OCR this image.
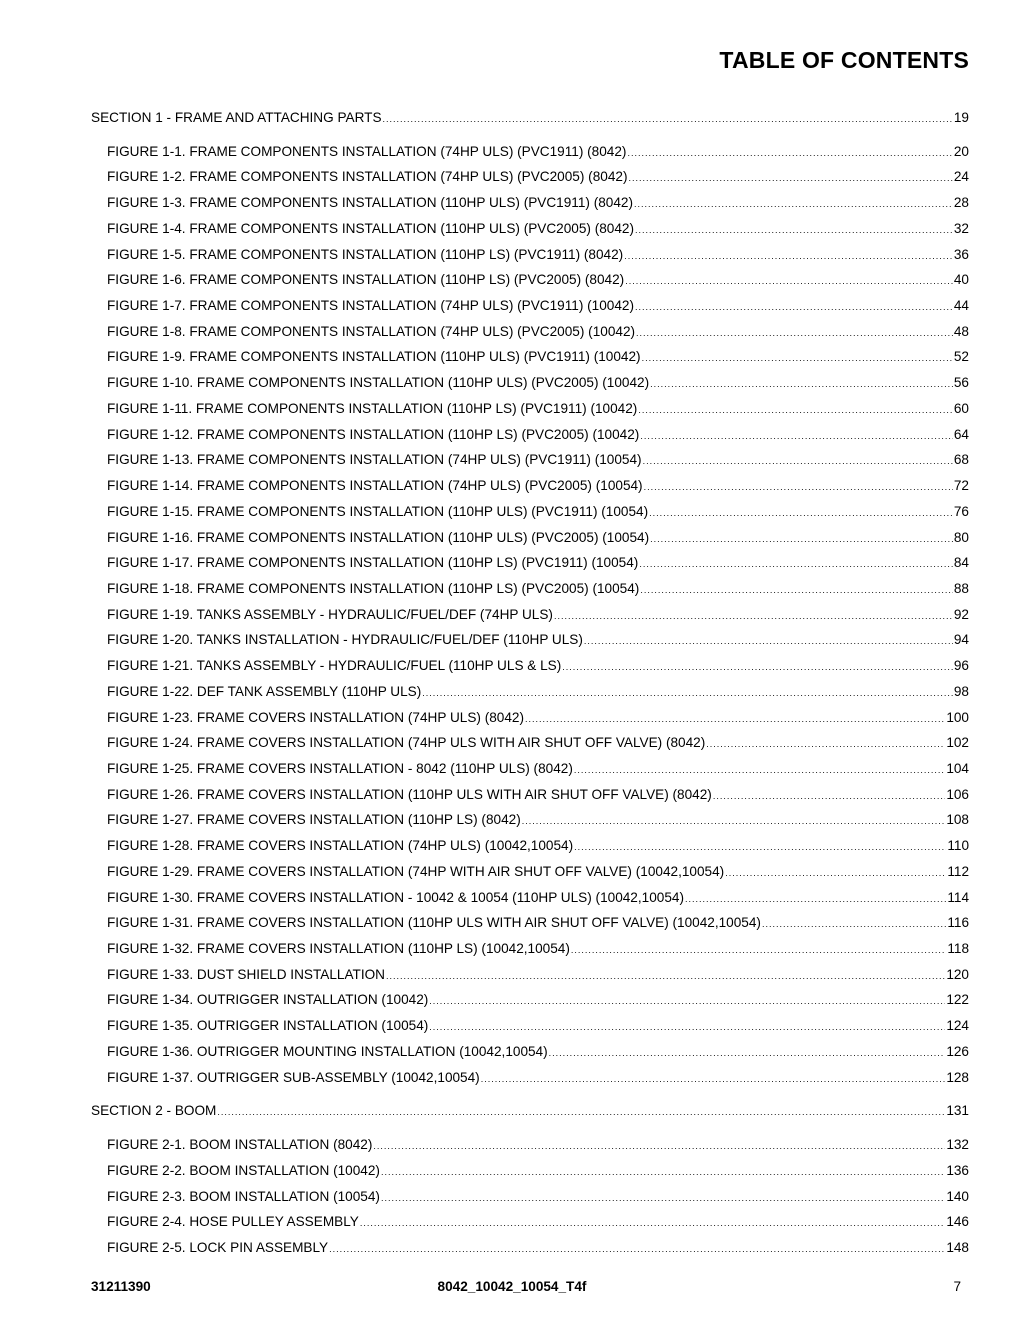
TABLE OF CONTENTS
SECTION 1 - FRAME AND ATTACHING PARTS .....	19
FIGURE 1-1. FRAME COMPONENTS INSTALLATION (74HP ULS) (PVC1911) (8042) .....	20
FIGURE 1-2. FRAME COMPONENTS INSTALLATION (74HP ULS) (PVC2005) (8042) .....	24
FIGURE 1-3. FRAME COMPONENTS INSTALLATION (110HP ULS) (PVC1911) (8042) .....	28
FIGURE 1-4. FRAME COMPONENTS INSTALLATION (110HP ULS) (PVC2005) (8042) .....	32
FIGURE 1-5. FRAME COMPONENTS INSTALLATION (110HP LS) (PVC1911) (8042) .....	36
FIGURE 1-6. FRAME COMPONENTS INSTALLATION (110HP LS) (PVC2005) (8042) .....	40
FIGURE 1-7. FRAME COMPONENTS INSTALLATION (74HP ULS) (PVC1911) (10042) .....	44
FIGURE 1-8. FRAME COMPONENTS INSTALLATION (74HP ULS) (PVC2005) (10042) .....	48
FIGURE 1-9. FRAME COMPONENTS INSTALLATION (110HP ULS) (PVC1911) (10042) .....	52
FIGURE 1-10. FRAME COMPONENTS INSTALLATION (110HP ULS) (PVC2005) (10042) .....	56
FIGURE 1-11. FRAME COMPONENTS INSTALLATION (110HP LS) (PVC1911) (10042) .....	60
FIGURE 1-12. FRAME COMPONENTS INSTALLATION (110HP LS) (PVC2005) (10042) .....	64
FIGURE 1-13. FRAME COMPONENTS INSTALLATION (74HP ULS) (PVC1911) (10054) .....	68
FIGURE 1-14. FRAME COMPONENTS INSTALLATION (74HP ULS) (PVC2005) (10054) .....	72
FIGURE 1-15. FRAME COMPONENTS INSTALLATION (110HP ULS) (PVC1911) (10054) .....	76
FIGURE 1-16. FRAME COMPONENTS INSTALLATION (110HP ULS) (PVC2005) (10054) .....	80
FIGURE 1-17. FRAME COMPONENTS INSTALLATION (110HP LS) (PVC1911) (10054) .....	84
FIGURE 1-18. FRAME COMPONENTS INSTALLATION (110HP LS) (PVC2005) (10054) .....	88
FIGURE 1-19. TANKS ASSEMBLY - HYDRAULIC/FUEL/DEF (74HP ULS) .....	92
FIGURE 1-20. TANKS INSTALLATION - HYDRAULIC/FUEL/DEF (110HP ULS) .....	94
FIGURE 1-21. TANKS ASSEMBLY - HYDRAULIC/FUEL (110HP ULS & LS) .....	96
FIGURE 1-22. DEF TANK ASSEMBLY (110HP ULS) .....	98
FIGURE 1-23. FRAME COVERS INSTALLATION (74HP ULS) (8042) .....	100
FIGURE 1-24. FRAME COVERS INSTALLATION (74HP ULS WITH AIR SHUT OFF VALVE) (8042) .....	102
FIGURE 1-25. FRAME COVERS INSTALLATION - 8042 (110HP ULS) (8042) .....	104
FIGURE 1-26. FRAME COVERS INSTALLATION (110HP ULS WITH AIR SHUT OFF VALVE) (8042) .....	106
FIGURE 1-27. FRAME COVERS INSTALLATION (110HP LS) (8042) .....	108
FIGURE 1-28. FRAME COVERS INSTALLATION (74HP ULS) (10042,10054) .....	110
FIGURE 1-29. FRAME COVERS INSTALLATION (74HP WITH AIR SHUT OFF VALVE) (10042,10054) .....	112
FIGURE 1-30. FRAME COVERS INSTALLATION - 10042 & 10054 (110HP ULS) (10042,10054) .....	114
FIGURE 1-31. FRAME COVERS INSTALLATION (110HP ULS WITH AIR SHUT OFF VALVE) (10042,10054) .....	116
FIGURE 1-32. FRAME COVERS INSTALLATION (110HP LS) (10042,10054) .....	118
FIGURE 1-33. DUST SHIELD INSTALLATION .....	120
FIGURE 1-34. OUTRIGGER INSTALLATION (10042) .....	122
FIGURE 1-35. OUTRIGGER INSTALLATION (10054) .....	124
FIGURE 1-36. OUTRIGGER MOUNTING INSTALLATION (10042,10054) .....	126
FIGURE 1-37. OUTRIGGER SUB-ASSEMBLY (10042,10054) .....	128
SECTION 2 - BOOM .....	131
FIGURE 2-1. BOOM INSTALLATION (8042) .....	132
FIGURE 2-2. BOOM INSTALLATION (10042) .....	136
FIGURE 2-3. BOOM INSTALLATION (10054) .....	140
FIGURE 2-4. HOSE PULLEY ASSEMBLY .....	146
FIGURE 2-5. LOCK PIN ASSEMBLY .....	148
31211390	8042_10042_10054_T4f	7
